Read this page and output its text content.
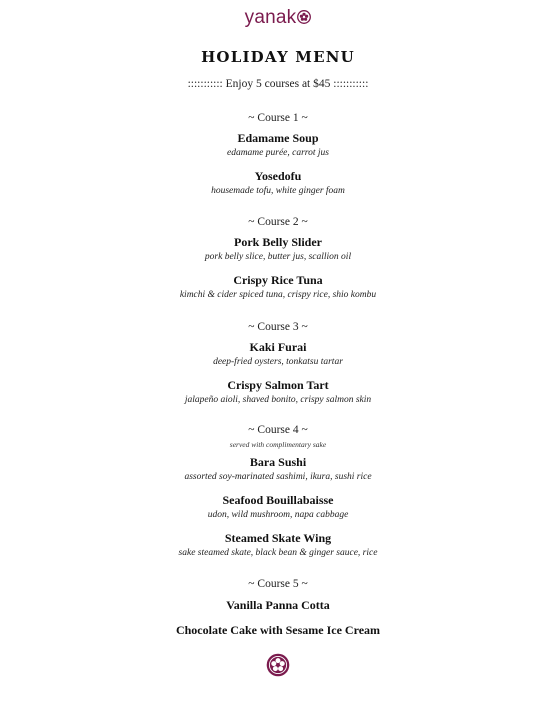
yanak
HOLIDAY MENU
::::::::::: Enjoy 5 courses at $45 :::::::::::
~ Course 1 ~
Edamame Soup
edamame purée, carrot jus
Yosedofu
housemade tofu, white ginger foam
~ Course 2 ~
Pork Belly Slider
pork belly slice, butter jus, scallion oil
Crispy Rice Tuna
kimchi & cider spiced tuna, crispy rice, shio kombu
~ Course 3 ~
Kaki Furai
deep-fried oysters, tonkatsu tartar
Crispy Salmon Tart
jalapeño aioli, shaved bonito, crispy salmon skin
~ Course 4 ~
served with complimentary sake
Bara Sushi
assorted soy-marinated sashimi, ikura, sushi rice
Seafood Bouillabaisse
udon, wild mushroom, napa cabbage
Steamed Skate Wing
sake steamed skate, black bean & ginger sauce, rice
~ Course 5 ~
Vanilla Panna Cotta
Chocolate Cake with Sesame Ice Cream
